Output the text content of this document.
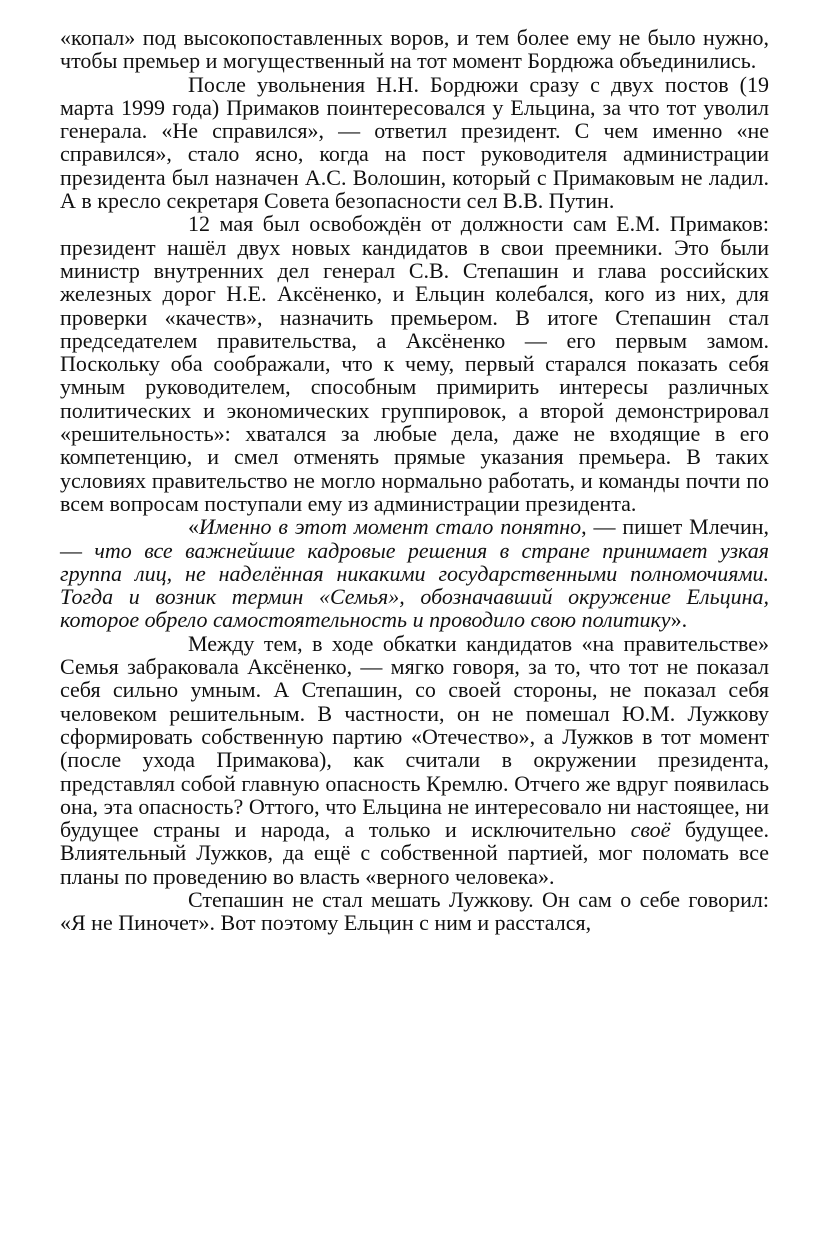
«копал» под высокопоставленных воров, и тем более ему не было нужно, чтобы премьер и могущественный на тот момент Бордюжа объединились.

После увольнения Н.Н. Бордюжи сразу с двух постов (19 марта 1999 года) Примаков поинтересовался у Ельцина, за что тот уволил генерала. «Не справился», — ответил президент. С чем именно «не справился», стало ясно, когда на пост руководителя администрации президента был назначен А.С. Волошин, который с Примаковым не ладил. А в кресло секретаря Совета безопасности сел В.В. Путин.

12 мая был освобождён от должности сам Е.М. Примаков: президент нашёл двух новых кандидатов в свои преемники. Это были министр внутренних дел генерал С.В. Степашин и глава российских железных дорог Н.Е. Аксёненко, и Ельцин колебался, кого из них, для проверки «качеств», назначить премьером. В итоге Степашин стал председателем правительства, а Аксёненко — его первым замом. Поскольку оба соображали, что к чему, первый старался показать себя умным руководителем, способным примирить интересы различных политических и экономических группировок, а второй демонстрировал «решительность»: хватался за любые дела, даже не входящие в его компетенцию, и смел отменять прямые указания премьера. В таких условиях правительство не могло нормально работать, и команды почти по всем вопросам поступали ему из администрации президента.

«Именно в этот момент стало понятно, — пишет Млечин, — что все важнейшие кадровые решения в стране принимает узкая группа лиц, не наделённая никакими государственными полномочиями. Тогда и возник термин «Семья», обозначавший окружение Ельцина, которое обрело самостоятельность и проводило свою политику».

Между тем, в ходе обкатки кандидатов «на правительстве» Семья забраковала Аксёненко, — мягко говоря, за то, что тот не показал себя сильно умным. А Степашин, со своей стороны, не показал себя человеком решительным. В частности, он не помешал Ю.М. Лужкову сформировать собственную партию «Отечество», а Лужков в тот момент (после ухода Примакова), как считали в окружении президента, представлял собой главную опасность Кремлю. Отчего же вдруг появилась она, эта опасность? Оттого, что Ельцина не интересовало ни настоящее, ни будущее страны и народа, а только и исключительно своё будущее. Влиятельный Лужков, да ещё с собственной партией, мог поломать все планы по проведению во власть «верного человека».

Степашин не стал мешать Лужкову. Он сам о себе говорил: «Я не Пиночет». Вот поэтому Ельцин с ним и расстался,
